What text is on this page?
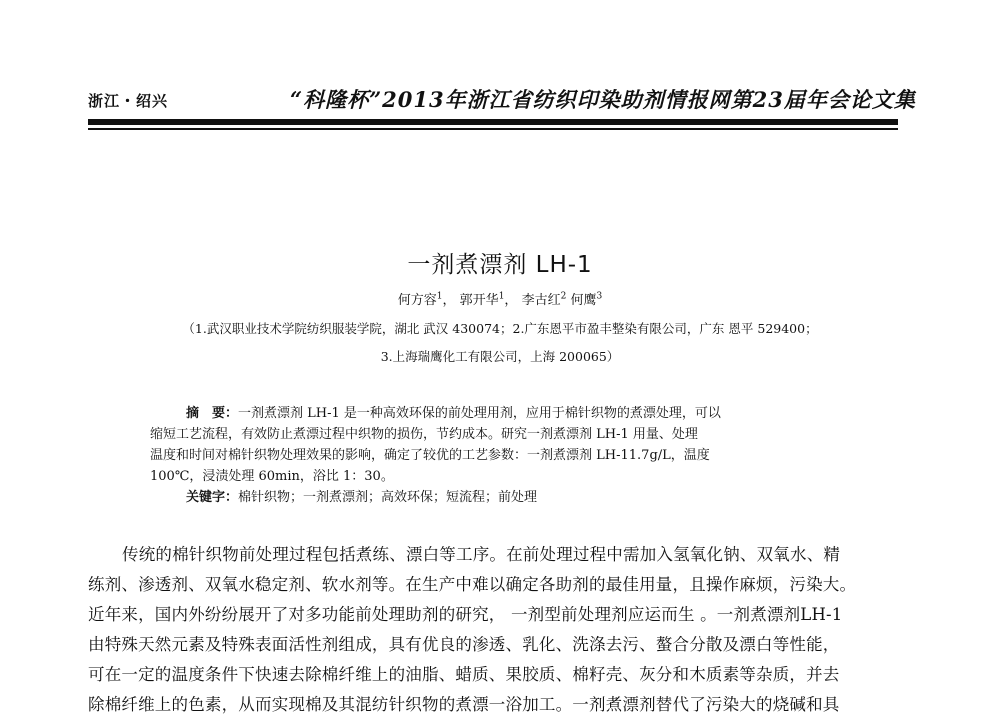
浙江・绍兴	“科隆杯”2013年浙江省纺织印染助剂情报网第23届年会论文集
一剂煮漂剂 LH-1
何方容$^1$， 郭开华$^1$， 李古红$^2$ 何鹰$^3$
（1.武汉职业技术学院纺织服装学院，湖北 武汉 430074；2.广东恩平市盈丰整染有限公司，广东 恩平 529400；
3.上海瑞鹰化工有限公司，上海 200065）
摘　要：一剂煮漂剂 LH-1 是一种高效环保的前处理用剂，应用于棉针织物的煮漂处理，可以
缩短工艺流程，有效防止煮漂过程中织物的损伤，节约成本。研究一剂煮漂剂 LH-1 用量、处理
温度和时间对棉针织物处理效果的影响，确定了较优的工艺参数：一剂煮漂剂 LH-11.7g/L，温度
100℃，浸渍处理 60min，浴比 1：30。
关键字：棉针织物；一剂煮漂剂；高效环保；短流程；前处理
传统的棉针织物前处理过程包括煮练、漂白等工序。在前处理过程中需加入氢氧化钠、双氧水、精
练剂、渗透剂、双氧水稳定剂、软水剂等。在生产中难以确定各助剂的最佳用量，且操作麻烦，污染大。
近年来，国内外纷纷展开了对多功能前处理助剂的研究， 一剂型前处理剂应运而生 。一剂煮漂剂LH-1
由特殊天然元素及特殊表面活性剂组成，具有优良的渗透、乳化、洗涤去污、螯合分散及漂白等性能，
可在一定的温度条件下快速去除棉纤维上的油脂、蜡质、果胶质、棉籽壳、灰分和木质素等杂质，并去
除棉纤维上的色素，从而实现棉及其混纺针织物的煮漂一浴加工。一剂煮漂剂替代了污染大的烧碱和具
